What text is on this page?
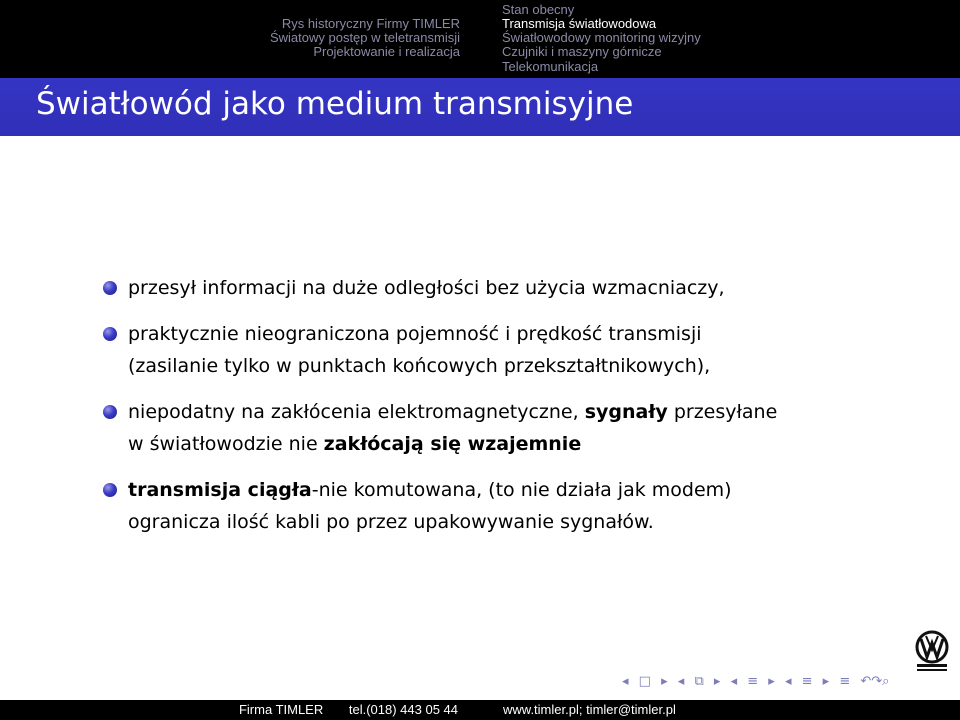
Rys historyczny Firmy TIMLER
Światowy postęp w teletransmisji
Projektowanie i realizacja
Stan obecny
Transmisja światłowodowa
Światłowodowy monitoring wizyjny
Czujniki i maszyny górnicze
Telekomunikacja
Światłowód jako medium transmisyjne
przesył informacji na duże odległości bez użycia wzmacniaczy,
praktycznie nieograniczona pojemność i prędkość transmisji
(zasilanie tylko w punktach końcowych przekształtnikowych),
niepodatny na zakłócenia elektromagnetyczne, sygnały przesyłane
w światłowodzie nie zakłócają się wzajemnie
transmisja ciągła-nie komutowana, (to nie działa jak modem)
ogranicza ilość kabli po przez upakowywanie sygnałów.
◂ □ ▸ ◂ ⧉ ▸ ◂ ≡ ▸ ◂ ≡ ▸ ≡ ↶↷⌕
Firma TIMLER tel.(018) 443 05 44	www.timler.pl; timler@timler.pl
